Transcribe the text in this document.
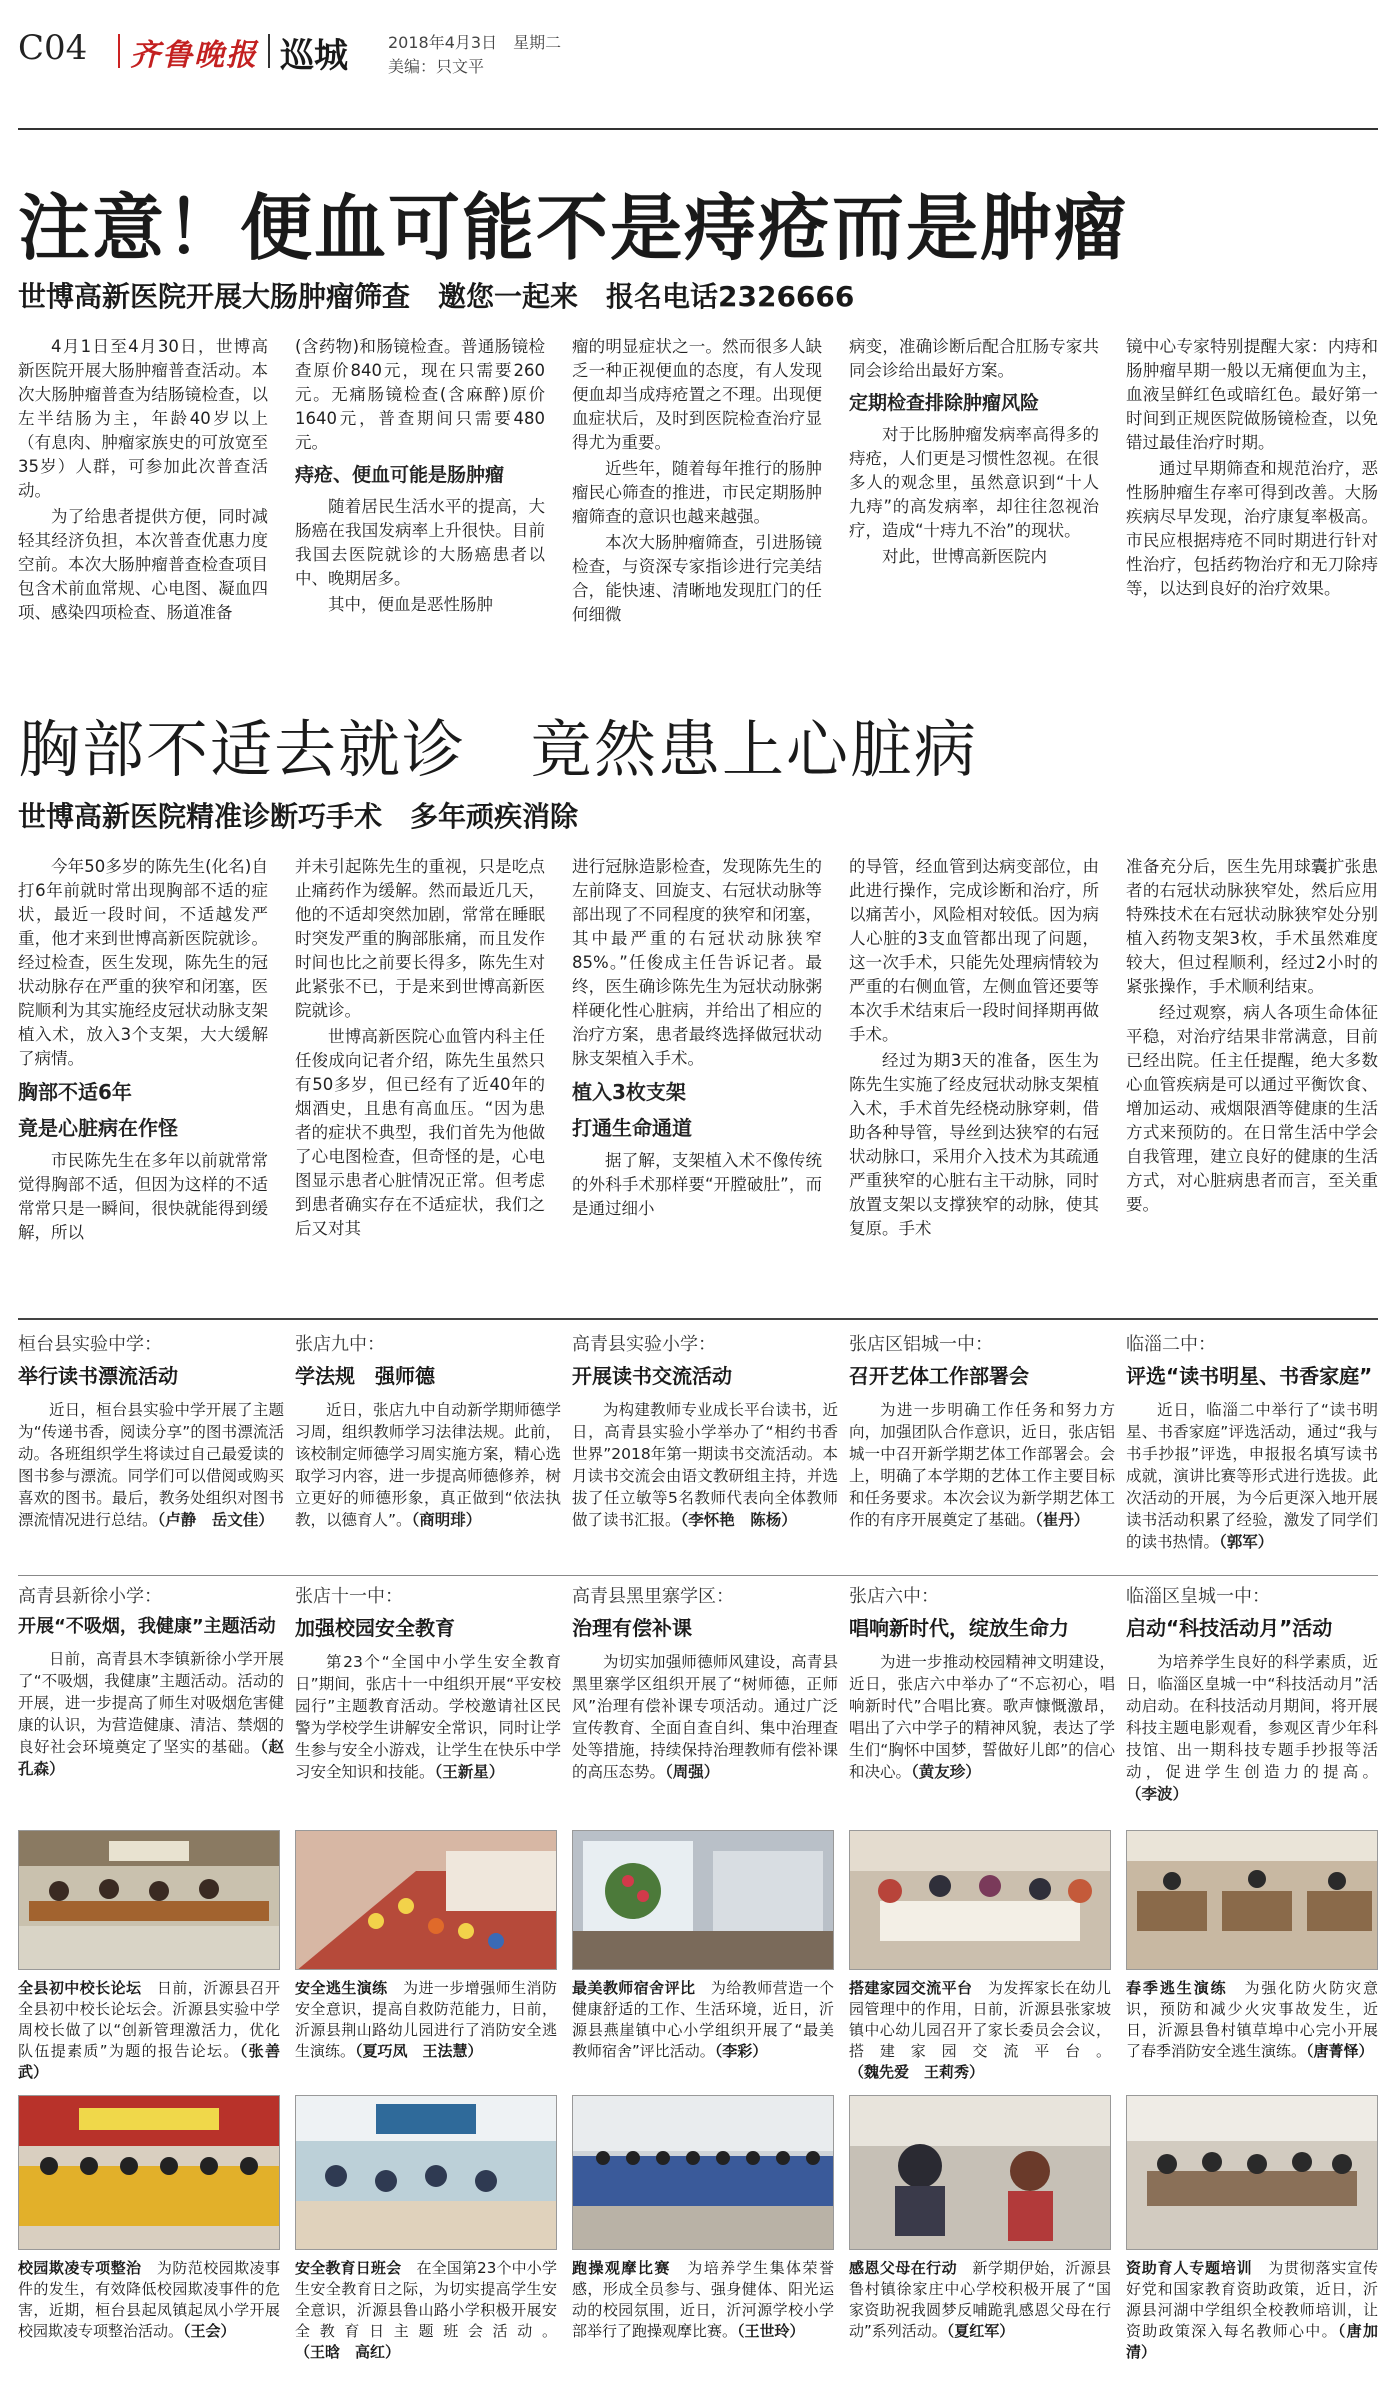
C04 齐鲁晚报 巡城	2018年4月3日　星期二
美编：只文平
注意！便血可能不是痔疮而是肿瘤
世博高新医院开展大肠肿瘤筛查　邀您一起来　报名电话2326666

4月1日至4月30日，世博高新医院开展大肠肿瘤普查活动。本次大肠肿瘤普查为结肠镜检查，以左半结肠为主，年龄40岁以上（有息肉、肿瘤家族史的可放宽至35岁）人群，可参加此次普查活动。

为了给患者提供方便，同时减轻其经济负担，本次普查优惠力度空前。本次大肠肿瘤普查检查项目包含术前血常规、心电图、凝血四项、感染四项检查、肠道准备

(含药物)和肠镜检查。普通肠镜检查原价840元，现在只需要260元。无痛肠镜检查(含麻醉)原价1640元，普查期间只需要480元。

痔疮、便血可能是肠肿瘤

随着居民生活水平的提高，大肠癌在我国发病率上升很快。目前我国去医院就诊的大肠癌患者以中、晚期居多。

其中，便血是恶性肠肿

瘤的明显症状之一。然而很多人缺乏一种正视便血的态度，有人发现便血却当成痔疮置之不理。出现便血症状后，及时到医院检查治疗显得尤为重要。

近些年，随着每年推行的肠肿瘤民心筛查的推进，市民定期肠肿瘤筛查的意识也越来越强。

本次大肠肿瘤筛查，引进肠镜检查，与资深专家指诊进行完美结合，能快速、清晰地发现肛门的任何细微

病变，准确诊断后配合肛肠专家共同会诊给出最好方案。

定期检查排除肿瘤风险

对于比肠肿瘤发病率高得多的痔疮，人们更是习惯性忽视。在很多人的观念里，虽然意识到“十人九痔”的高发病率，却往往忽视治疗，造成“十痔九不治”的现状。

对此，世博高新医院内

镜中心专家特别提醒大家：内痔和肠肿瘤早期一般以无痛便血为主，血液呈鲜红色或暗红色。最好第一时间到正规医院做肠镜检查，以免错过最佳治疗时期。

通过早期筛查和规范治疗，恶性肠肿瘤生存率可得到改善。大肠疾病尽早发现，治疗康复率极高。市民应根据痔疮不同时期进行针对性治疗，包括药物治疗和无刀除痔等，以达到良好的治疗效果。

胸部不适去就诊　竟然患上心脏病
世博高新医院精准诊断巧手术　多年顽疾消除

今年50多岁的陈先生(化名)自打6年前就时常出现胸部不适的症状，最近一段时间，不适越发严重，他才来到世博高新医院就诊。经过检查，医生发现，陈先生的冠状动脉存在严重的狭窄和闭塞，医院顺利为其实施经皮冠状动脉支架植入术，放入3个支架，大大缓解了病情。

胸部不适6年
竟是心脏病在作怪

市民陈先生在多年以前就常常觉得胸部不适，但因为这样的不适常常只是一瞬间，很快就能得到缓解，所以

并未引起陈先生的重视，只是吃点止痛药作为缓解。然而最近几天，他的不适却突然加剧，常常在睡眠时突发严重的胸部胀痛，而且发作时间也比之前要长得多，陈先生对此紧张不已，于是来到世博高新医院就诊。

世博高新医院心血管内科主任任俊成向记者介绍，陈先生虽然只有50多岁，但已经有了近40年的烟酒史，且患有高血压。“因为患者的症状不典型，我们首先为他做了心电图检查，但奇怪的是，心电图显示患者心脏情况正常。但考虑到患者确实存在不适症状，我们之后又对其

进行冠脉造影检查，发现陈先生的左前降支、回旋支、右冠状动脉等部出现了不同程度的狭窄和闭塞，其中最严重的右冠状动脉狭窄85%。”任俊成主任告诉记者。最终，医生确诊陈先生为冠状动脉粥样硬化性心脏病，并给出了相应的治疗方案，患者最终选择做冠状动脉支架植入手术。

植入3枚支架
打通生命通道

据了解，支架植入术不像传统的外科手术那样要“开膛破肚”，而是通过细小

的导管，经血管到达病变部位，由此进行操作，完成诊断和治疗，所以痛苦小，风险相对较低。因为病人心脏的3支血管都出现了问题，这一次手术，只能先处理病情较为严重的右侧血管，左侧血管还要等本次手术结束后一段时间择期再做手术。

经过为期3天的准备，医生为陈先生实施了经皮冠状动脉支架植入术，手术首先经桡动脉穿刺，借助各种导管，导丝到达狭窄的右冠状动脉口，采用介入技术为其疏通严重狭窄的心脏右主干动脉，同时放置支架以支撑狭窄的动脉，使其复原。手术

准备充分后，医生先用球囊扩张患者的右冠状动脉狭窄处，然后应用特殊技术在右冠状动脉狭窄处分别植入药物支架3枚，手术虽然难度较大，但过程顺利，经过2小时的紧张操作，手术顺利结束。

经过观察，病人各项生命体征平稳，对治疗结果非常满意，目前已经出院。任主任提醒，绝大多数心血管疾病是可以通过平衡饮食、增加运动、戒烟限酒等健康的生活方式来预防的。在日常生活中学会自我管理，建立良好的健康的生活方式，对心脏病患者而言，至关重要。

桓台县实验中学：
举行读书漂流活动
近日，桓台县实验中学开展了主题为“传递书香，阅读分享”的图书漂流活动。各班组织学生将读过自己最爱读的图书参与漂流。同学们可以借阅或购买喜欢的图书。最后，教务处组织对图书漂流情况进行总结。（卢静　岳文佳）
张店九中：
学法规　强师德
近日，张店九中自动新学期师德学习周，组织教师学习法律法规。此前，该校制定师德学习周实施方案，精心选取学习内容，进一步提高师德修养，树立更好的师德形象，真正做到“依法执教，以德育人”。（商明琲）
高青县实验小学：
开展读书交流活动
为构建教师专业成长平台读书，近日，高青县实验小学举办了“相约书香世界”2018年第一期读书交流活动。本月读书交流会由语文教研组主持，并选拔了任立敏等5名教师代表向全体教师做了读书汇报。（李怀艳　陈杨）
张店区铝城一中：
召开艺体工作部署会
为进一步明确工作任务和努力方向，加强团队合作意识，近日，张店铝城一中召开新学期艺体工作部署会。会上，明确了本学期的艺体工作主要目标和任务要求。本次会议为新学期艺体工作的有序开展奠定了基础。（崔丹）
临淄二中：
评选“读书明星、书香家庭”
近日，临淄二中举行了“读书明星、书香家庭”评选活动，通过“我与书手抄报”评选，申报报名填写读书成就，演讲比赛等形式进行选拔。此次活动的开展，为今后更深入地开展读书活动积累了经验，激发了同学们的读书热情。（郭军）
高青县新徐小学：
开展“不吸烟，我健康”主题活动
日前，高青县木李镇新徐小学开展了“不吸烟，我健康”主题活动。活动的开展，进一步提高了师生对吸烟危害健康的认识，为营造健康、清洁、禁烟的良好社会环境奠定了坚实的基础。（赵孔森）
张店十一中：
加强校园安全教育
第23个“全国中小学生安全教育日”期间，张店十一中组织开展“平安校园行”主题教育活动。学校邀请社区民警为学校学生讲解安全常识，同时让学生参与安全小游戏，让学生在快乐中学习安全知识和技能。（王新星）
高青县黑里寨学区：
治理有偿补课
为切实加强师德师风建设，高青县黑里寨学区组织开展了“树师德，正师风”治理有偿补课专项活动。通过广泛宣传教育、全面自查自纠、集中治理查处等措施，持续保持治理教师有偿补课的高压态势。（周强）
张店六中：
唱响新时代，绽放生命力
为进一步推动校园精神文明建设，近日，张店六中举办了“不忘初心，唱响新时代”合唱比赛。歌声慷慨激昂，唱出了六中学子的精神风貌，表达了学生们“胸怀中国梦，誓做好儿郎”的信心和决心。（黄友珍）
临淄区皇城一中：
启动“科技活动月”活动
为培养学生良好的科学素质，近日，临淄区皇城一中“科技活动月”活动启动。在科技活动月期间，将开展科技主题电影观看，参观区青少年科技馆、出一期科技专题手抄报等活动，促进学生创造力的提高。（李波）
全县初中校长论坛　 日前，沂源县召开全县初中校长论坛会。沂源县实验中学周校长做了以“创新管理激活力，优化队伍提素质”为题的报告论坛。（张善武）
安全逃生演练　 为进一步增强师生消防安全意识，提高自救防范能力，日前，沂源县荆山路幼儿园进行了消防安全逃生演练。（夏巧凤　王法慧）
最美教师宿舍评比　 为给教师营造一个健康舒适的工作、生活环境，近日，沂源县燕崖镇中心小学组织开展了“最美教师宿舍”评比活动。（李彩）
搭建家园交流平台　 为发挥家长在幼儿园管理中的作用，日前，沂源县张家坡镇中心幼儿园召开了家长委员会会议，搭建家园交流平台。（魏先爱　王莉秀）
春季逃生演练　 为强化防火防灾意识，预防和减少火灾事故发生，近日，沂源县鲁村镇草埠中心完小开展了春季消防安全逃生演练。（唐菁怿）
校园欺凌专项整治　 为防范校园欺凌事件的发生，有效降低校园欺凌事件的危害，近期，桓台县起凤镇起凤小学开展校园欺凌专项整治活动。（王会）
安全教育日班会　 在全国第23个中小学生安全教育日之际，为切实提高学生安全意识，沂源县鲁山路小学积极开展安全教育日主题班会活动。（王晗　高红）
跑操观摩比赛　 为培养学生集体荣誉感，形成全员参与、强身健体、阳光运动的校园氛围，近日，沂河源学校小学部举行了跑操观摩比赛。（王世玲）
感恩父母在行动　 新学期伊始，沂源县鲁村镇徐家庄中心学校积极开展了“国家资助祝我圆梦反哺跪乳感恩父母在行动”系列活动。（夏红军）
资助育人专题培训　 为贯彻落实宣传好党和国家教育资助政策，近日，沂源县河湖中学组织全校教师培训，让资助政策深入每名教师心中。（唐加清）
